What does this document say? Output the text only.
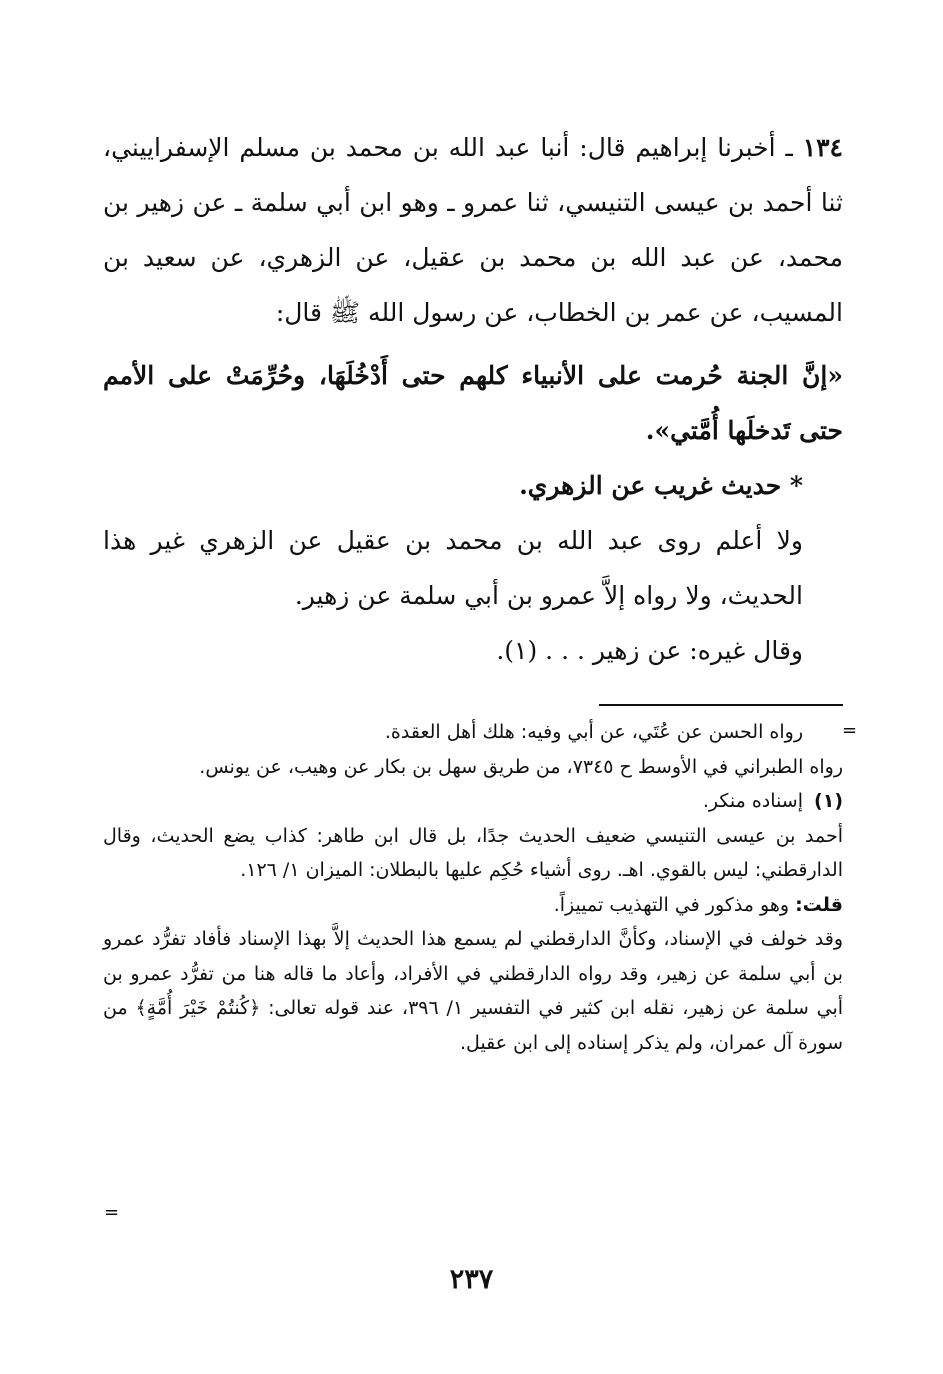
١٣٤ ـ أخبرنا إبراهيم قال: أنبا عبد الله بن محمد بن مسلم الإسفراييني، ثنا أحمد بن عيسى التنيسي، ثنا عمرو ـ وهو ابن أبي سلمة ـ عن زهير بن محمد، عن عبد الله بن محمد بن عقيل، عن الزهري، عن سعيد بن المسيب، عن عمر بن الخطاب، عن رسول الله ﷺ قال:

«إنَّ الجنة حُرمت على الأنبياء كلهم حتى أَدْخُلَهَا، وحُرِّمَتْ على الأمم حتى تَدخلَها أُمَّتي».

* حديث غريب عن الزهري.

ولا أعلم روى عبد الله بن محمد بن عقيل عن الزهري غير هذا الحديث، ولا رواه إلاَّ عمرو بن أبي سلمة عن زهير.

وقال غيره: عن زهير . . . (١).

=

رواه الحسن عن عُتَي، عن أبي وفيه: هلك أهل العقدة.

رواه الطبراني في الأوسط ح ٧٣٤٥، من طريق سهل بن بكار عن وهيب، عن يونس.

(١)إسناده منكر.

أحمد بن عيسى التنيسي ضعيف الحديث جدًا، بل قال ابن طاهر: كذاب يضع الحديث، وقال الدارقطني: ليس بالقوي. اهـ. روى أشياء حُكِم عليها بالبطلان: الميزان ١/ ١٢٦.

قلت: وهو مذكور في التهذيب تمييزاً.

وقد خولف في الإسناد، وكأنَّ الدارقطني لم يسمع هذا الحديث إلاَّ بهذا الإسناد فأفاد تفرُّد عمرو بن أبي سلمة عن زهير، وقد رواه الدارقطني في الأفراد، وأعاد ما قاله هنا من تفرُّد عمرو بن أبي سلمة عن زهير، نقله ابن كثير في التفسير ١/ ٣٩٦، عند قوله تعالى: ﴿كُنتُمْ خَيْرَ أُمَّةٍ﴾ من سورة آل عمران، ولم يذكر إسناده إلى ابن عقيل.

=
٢٣٧
